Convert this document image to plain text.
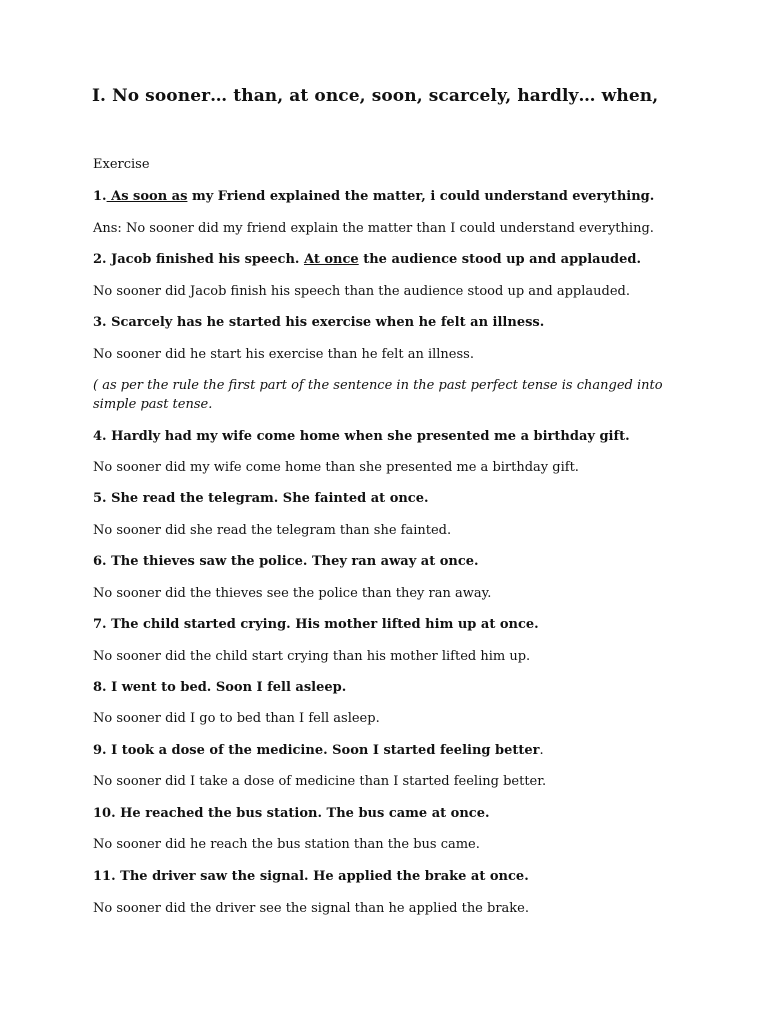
I. No sooner… than, at once, soon, scarcely, hardly… when,
Exercise
1. As soon as my Friend explained the matter, i could understand everything.
Ans: No sooner did my friend explain the matter than I could understand everything.
2. Jacob finished his speech. At once the audience stood up and applauded.
No sooner did Jacob finish his speech than the audience stood up and applauded.
3. Scarcely has he started his exercise when he felt an illness.
No sooner did he start his exercise than he felt an illness.
( as per the rule the first part of the sentence in the past perfect tense is changed into simple past tense.
4. Hardly had my wife come home when she presented me a birthday gift.
No sooner did my wife come home than she presented me a birthday gift.
5. She read the telegram. She fainted at once.
No sooner did she read the telegram than she fainted.
6. The thieves saw the police. They ran away at once.
No sooner did the thieves see the police than they ran away.
7. The child started crying. His mother lifted him up at once.
No sooner did the child start crying than his mother lifted him up.
8. I went to bed. Soon I fell asleep.
No sooner did I go to bed than I fell asleep.
9. I took a dose of the medicine. Soon I started feeling better.
No sooner did I take a dose of medicine than I started feeling better.
10. He reached the bus station. The bus came at once.
No sooner did he reach the bus station than the bus came.
11. The driver saw the signal. He applied the brake at once.
No sooner did the driver see the signal than he applied the brake.
